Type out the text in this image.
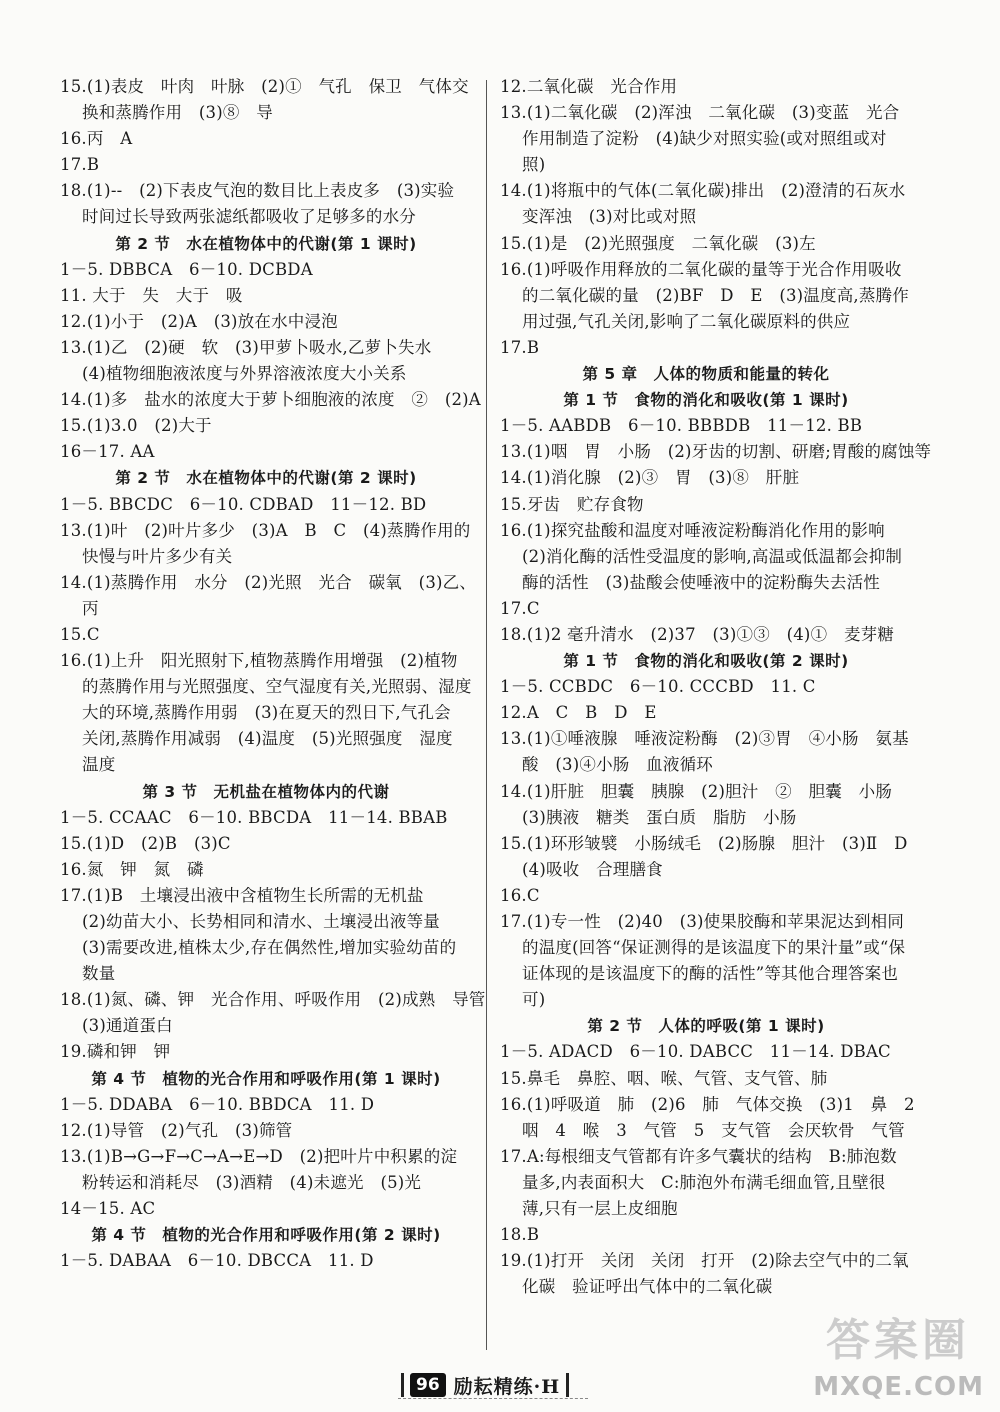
15.(1)表皮　叶肉　叶脉　(2)①　气孔　保卫　气体交
换和蒸腾作用　(3)⑧　导
16.丙　A
17.B
18.(1)--　(2)下表皮气泡的数目比上表皮多　(3)实验
时间过长导致两张滤纸都吸收了足够多的水分
第 2 节　水在植物体中的代谢(第 1 课时)
1－5. DBBCA　6－10. DCBDA
11. 大于　失　大于　吸
12.(1)小于　(2)A　(3)放在水中浸泡
13.(1)乙　(2)硬　软　(3)甲萝卜吸水,乙萝卜失水
(4)植物细胞液浓度与外界溶液浓度大小关系
14.(1)多　盐水的浓度大于萝卜细胞液的浓度　②　(2)A
15.(1)3.0　(2)大于
16－17. AA
第 2 节　水在植物体中的代谢(第 2 课时)
1－5. BBCDC　6－10. CDBAD　11－12. BD
13.(1)叶　(2)叶片多少　(3)A　B　C　(4)蒸腾作用的
快慢与叶片多少有关
14.(1)蒸腾作用　水分　(2)光照　光合　碳氧　(3)乙、
丙
15.C
16.(1)上升　阳光照射下,植物蒸腾作用增强　(2)植物
的蒸腾作用与光照强度、空气湿度有关,光照弱、湿度
大的环境,蒸腾作用弱　(3)在夏天的烈日下,气孔会
关闭,蒸腾作用减弱　(4)温度　(5)光照强度　湿度
温度
第 3 节　无机盐在植物体内的代谢
1－5. CCAAC　6－10. BBCDA　11－14. BBAB
15.(1)D　(2)B　(3)C
16.氮　钾　氮　磷
17.(1)B　土壤浸出液中含植物生长所需的无机盐
(2)幼苗大小、长势相同和清水、土壤浸出液等量
(3)需要改进,植株太少,存在偶然性,增加实验幼苗的
数量
18.(1)氮、磷、钾　光合作用、呼吸作用　(2)成熟　导管
(3)通道蛋白
19.磷和钾　钾
第 4 节　植物的光合作用和呼吸作用(第 1 课时)
1－5. DDABA　6－10. BBDCA　11. D
12.(1)导管　(2)气孔　(3)筛管
13.(1)B→G→F→C→A→E→D　(2)把叶片中积累的淀
粉转运和消耗尽　(3)酒精　(4)未遮光　(5)光
14－15. AC
第 4 节　植物的光合作用和呼吸作用(第 2 课时)
1－5. DABAA　6－10. DBCCA　11. D
12.二氧化碳　光合作用
13.(1)二氧化碳　(2)浑浊　二氧化碳　(3)变蓝　光合
作用制造了淀粉　(4)缺少对照实验(或对照组或对
照)
14.(1)将瓶中的气体(二氧化碳)排出　(2)澄清的石灰水
变浑浊　(3)对比或对照
15.(1)是　(2)光照强度　二氧化碳　(3)左
16.(1)呼吸作用释放的二氧化碳的量等于光合作用吸收
的二氧化碳的量　(2)BF　D　E　(3)温度高,蒸腾作
用过强,气孔关闭,影响了二氧化碳原料的供应
17.B
第 5 章　人体的物质和能量的转化
第 1 节　食物的消化和吸收(第 1 课时)
1－5. AABDB　6－10. BBBDB　11－12. BB
13.(1)咽　胃　小肠　(2)牙齿的切割、研磨;胃酸的腐蚀等
14.(1)消化腺　(2)③　胃　(3)⑧　肝脏
15.牙齿　贮存食物
16.(1)探究盐酸和温度对唾液淀粉酶消化作用的影响
(2)消化酶的活性受温度的影响,高温或低温都会抑制
酶的活性　(3)盐酸会使唾液中的淀粉酶失去活性
17.C
18.(1)2 毫升清水　(2)37　(3)①③　(4)①　麦芽糖
第 1 节　食物的消化和吸收(第 2 课时)
1－5. CCBDC　6－10. CCCBD　11. C
12.A　C　B　D　E
13.(1)①唾液腺　唾液淀粉酶　(2)③胃　④小肠　氨基
酸　(3)④小肠　血液循环
14.(1)肝脏　胆囊　胰腺　(2)胆汁　②　胆囊　小肠
(3)胰液　糖类　蛋白质　脂肪　小肠
15.(1)环形皱襞　小肠绒毛　(2)肠腺　胆汁　(3)Ⅱ　D
(4)吸收　合理膳食
16.C
17.(1)专一性　(2)40　(3)使果胶酶和苹果泥达到相同
的温度(回答“保证测得的是该温度下的果汁量”或“保
证体现的是该温度下的酶的活性”等其他合理答案也
可)
第 2 节　人体的呼吸(第 1 课时)
1－5. ADACD　6－10. DABCC　11－14. DBAC
15.鼻毛　鼻腔、咽、喉、气管、支气管、肺
16.(1)呼吸道　肺　(2)6　肺　气体交换　(3)1　鼻　2
咽　4　喉　3　气管　5　支气管　会厌软骨　气管
17.A:每根细支气管都有许多气囊状的结构　B:肺泡数
量多,内表面积大　C:肺泡外布满毛细血管,且壁很
薄,只有一层上皮细胞
18.B
19.(1)打开　关闭　关闭　打开　(2)除去空气中的二氧
化碳　验证呼出气体中的二氧化碳
96 励耘精练·H
答案圈
MXQE.COM
